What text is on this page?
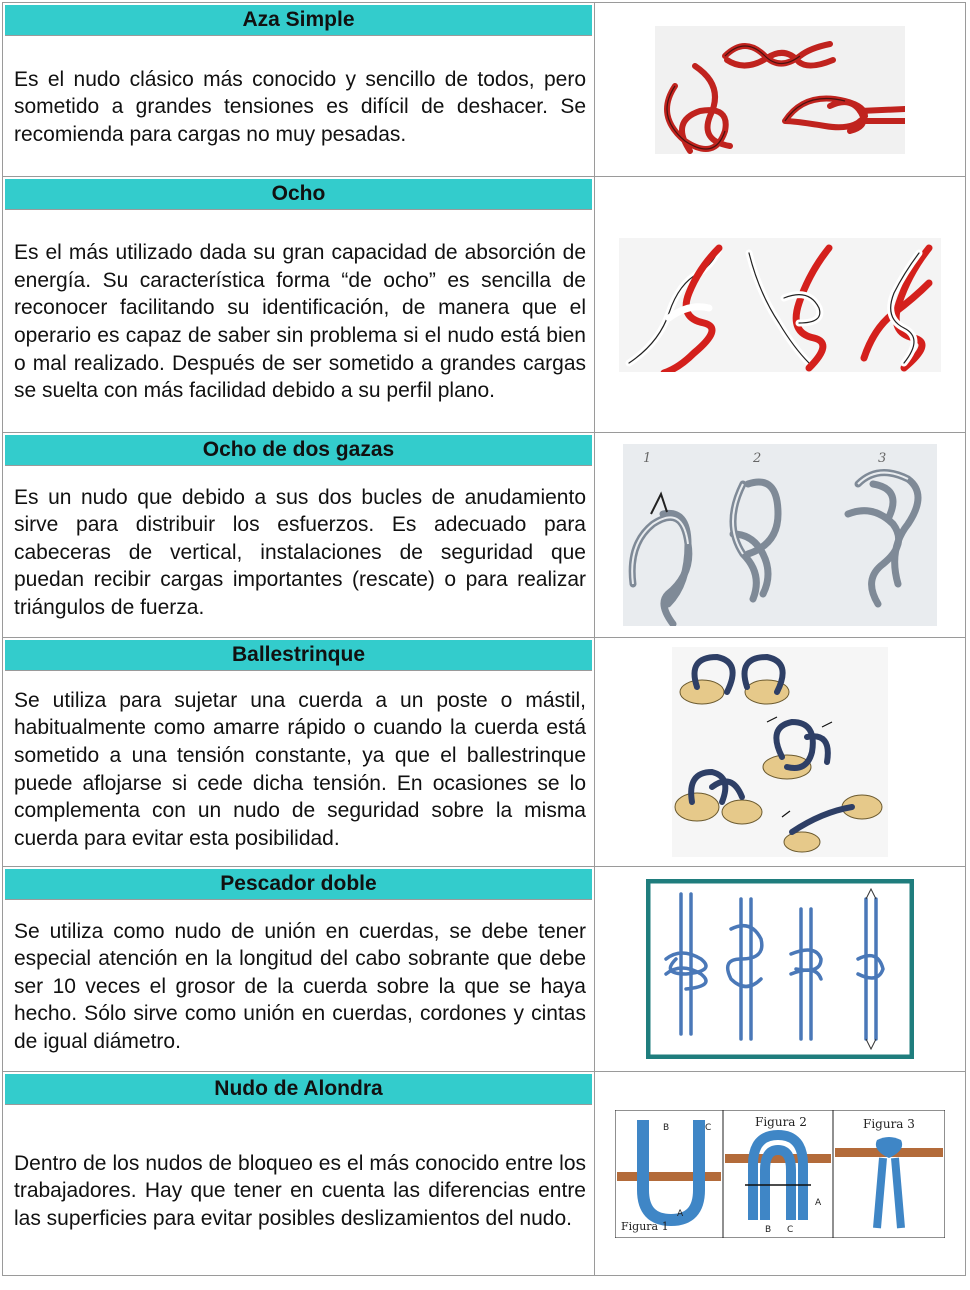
Aza Simple

Es el nudo clásico más conocido y sencillo de todos, pero sometido a grandes tensiones es difícil de deshacer. Se recomienda para cargas no muy pesadas.

Ocho

Es el más utilizado dada su gran capacidad de absorción de energía. Su característica forma “de ocho” es sencilla de reconocer facilitando su identificación, de manera que el operario es capaz de saber sin problema si el nudo está bien o mal realizado. Después de ser sometido a grandes cargas se suelta con más facilidad debido a su perfil plano.

Ocho de dos gazas

Es un nudo que debido a sus dos bucles de anudamiento sirve para distribuir los esfuerzos. Es adecuado para cabeceras de vertical, instalaciones de seguridad que puedan recibir cargas importantes (rescate) o para realizar triángulos de fuerza.

1	2	3
Ballestrinque

Se utiliza para sujetar una cuerda a un poste o mástil, habitualmente como amarre rápido o cuando la cuerda está sometido a una tensión constante, ya que el ballestrinque puede aflojarse si cede dicha tensión. En ocasiones se lo complementa con un nudo de seguridad sobre la misma cuerda para evitar esta posibilidad.

Pescador doble

Se utiliza como nudo de unión en cuerdas, se debe tener especial atención en la longitud del cabo sobrante que debe ser 10 veces el grosor de la cuerda sobre la que se haya hecho. Sólo sirve como unión en cuerdas, cordones y cintas de igual diámetro.

Nudo de Alondra

Dentro de los nudos de bloqueo es el más conocido entre los trabajadores. Hay que tener en cuenta las diferencias entre las superficies para evitar posibles deslizamientos del nudo.	Figura 1
B	C
A
Figura 2
B C
A
Figura 3
